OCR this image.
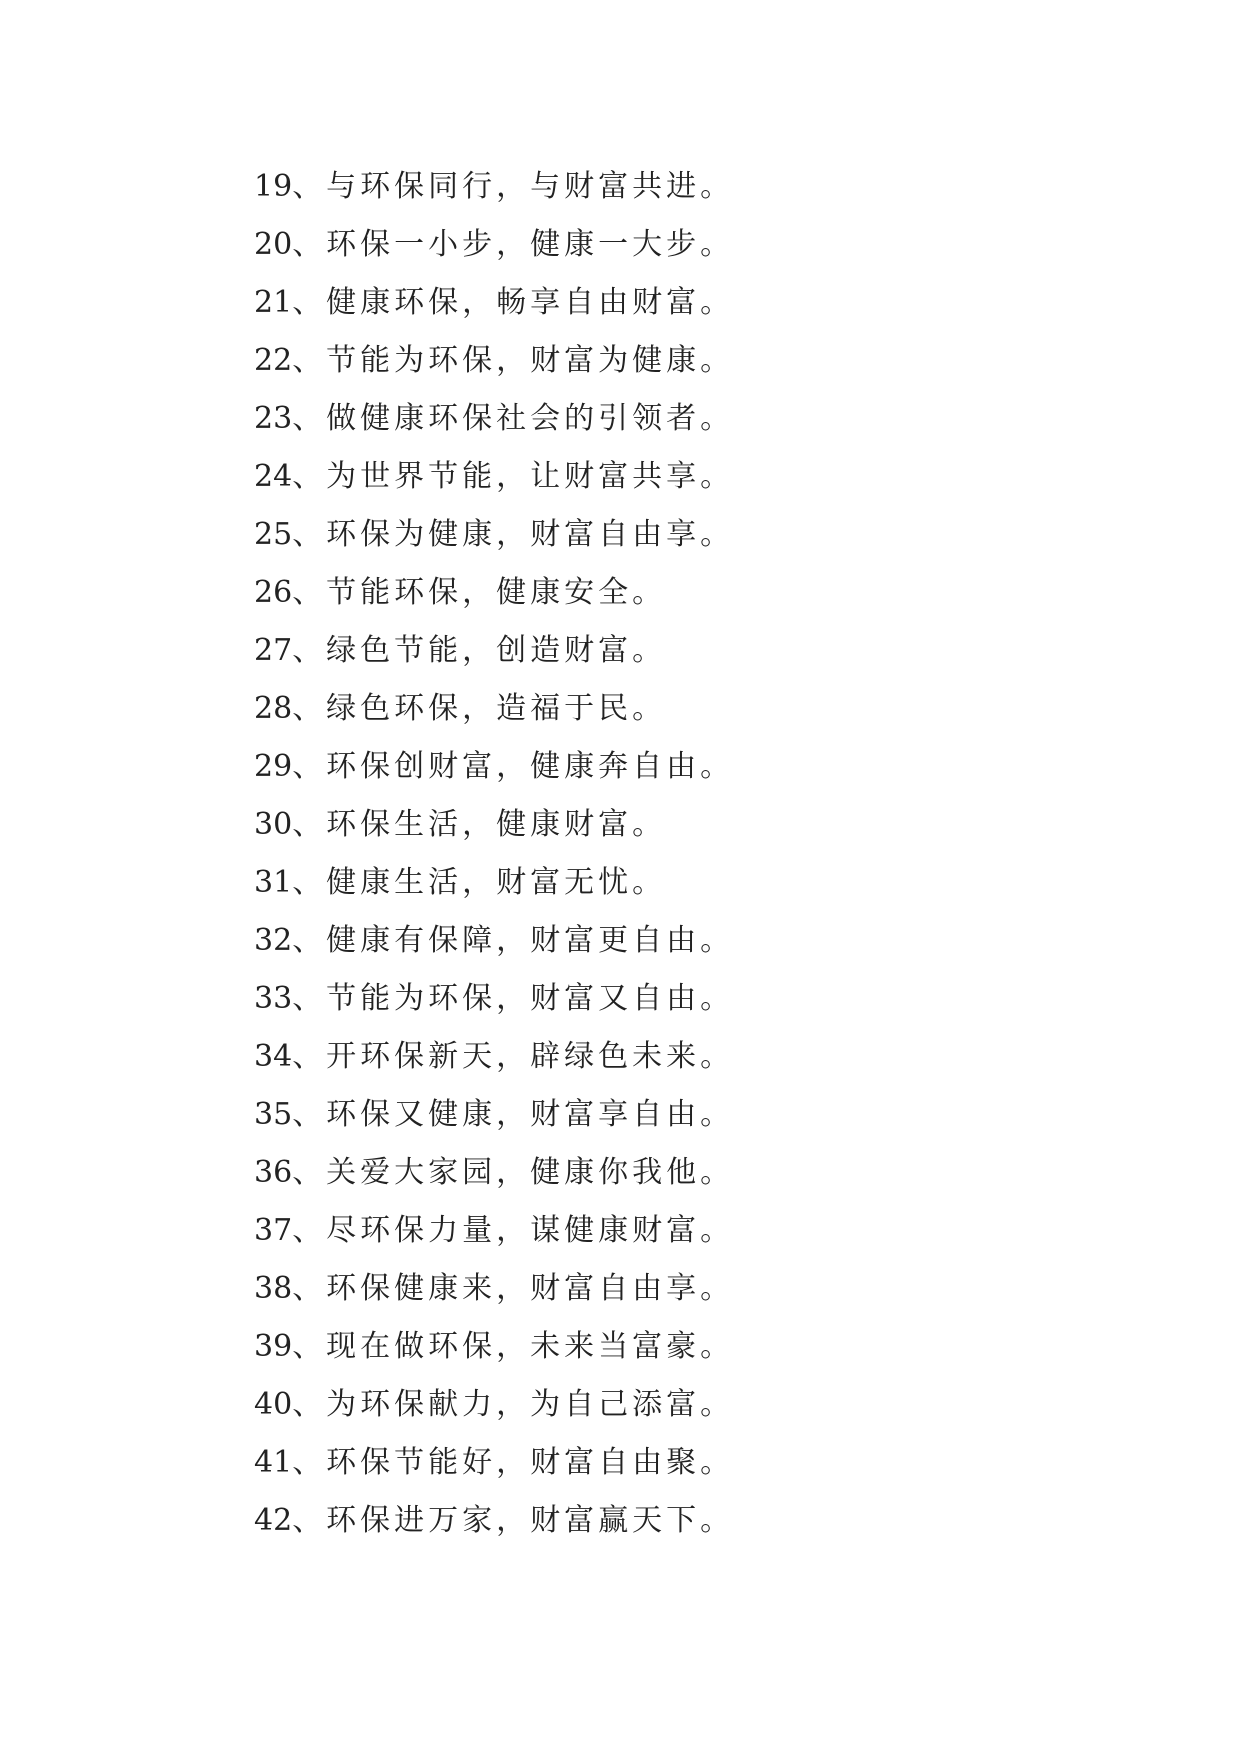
19、与环保同行，与财富共进。
20、环保一小步，健康一大步。
21、健康环保，畅享自由财富。
22、节能为环保，财富为健康。
23、做健康环保社会的引领者。
24、为世界节能，让财富共享。
25、环保为健康，财富自由享。
26、节能环保，健康安全。
27、绿色节能，创造财富。
28、绿色环保，造福于民。
29、环保创财富，健康奔自由。
30、环保生活，健康财富。
31、健康生活，财富无忧。
32、健康有保障，财富更自由。
33、节能为环保，财富又自由。
34、开环保新天，辟绿色未来。
35、环保又健康，财富享自由。
36、关爱大家园，健康你我他。
37、尽环保力量，谋健康财富。
38、环保健康来，财富自由享。
39、现在做环保，未来当富豪。
40、为环保献力，为自己添富。
41、环保节能好，财富自由聚。
42、环保进万家，财富赢天下。
